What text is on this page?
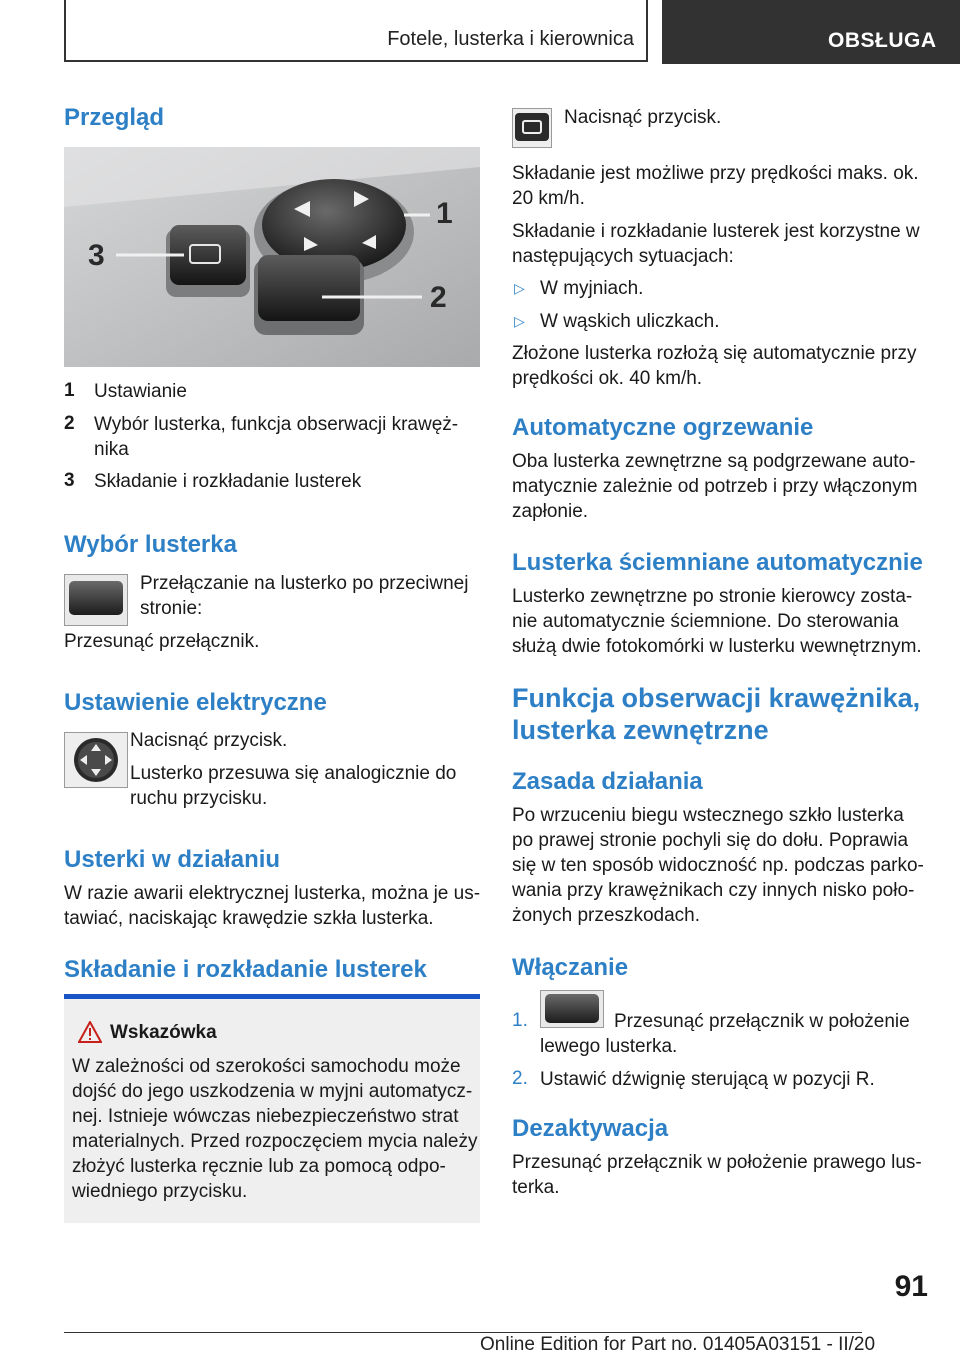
Fotele, lusterka i kierownica	OBSŁUGA
Przegląd
1
2
3
1 Ustawianie

2 Wybór lusterka, funkcja obserwacji krawęż-

nika

3 Składanie i rozkładanie lusterek

Wybór lusterka

Przełączanie na lusterko po przeciwnej

stronie:

Przesunąć przełącznik.

Ustawienie elektryczne

Nacisnąć przycisk.

Lusterko przesuwa się analogicznie do

ruchu przycisku.

Usterki w działaniu

W razie awarii elektrycznej lusterka, można je us-

tawiać, naciskając krawędzie szkła lusterka.

Składanie i rozkładanie lusterek
Wskazówka
W zależności od szerokości samochodu może
dojść do jego uszkodzenia w myjni automatycz-
nej. Istnieje wówczas niebezpieczeństwo strat
materialnych. Przed rozpoczęciem mycia należy
złożyć lusterka ręcznie lub za pomocą odpo-
wiedniego przycisku.

Nacisnąć przycisk.

Składanie jest możliwe przy prędkości maks. ok.

20 km/h.

Składanie i rozkładanie lusterek jest korzystne w

następujących sytuacjach:

▷ W myjniach.

▷ W wąskich uliczkach.

Złożone lusterka rozłożą się automatycznie przy

prędkości ok. 40 km/h.

Automatyczne ogrzewanie

Oba lusterka zewnętrzne są podgrzewane auto-

matycznie zależnie od potrzeb i przy włączonym

zapłonie.

Lusterka ściemniane automatycznie

Lusterko zewnętrzne po stronie kierowcy zosta-

nie automatycznie ściemnione. Do sterowania

służą dwie fotokomórki w lusterku wewnętrznym.

Funkcja obserwacji krawężnika,
lusterka zewnętrzne
Zasada działania

Po wrzuceniu biegu wstecznego szkło lusterka

po prawej stronie pochyli się do dołu. Poprawia

się w ten sposób widoczność np. podczas parko-

wania przy krawężnikach czy innych nisko poło-

żonych przeszkodach.

Włączanie
1.	Przesunąć przełącznik w położenie

lewego lusterka.

2. Ustawić dźwignię sterującą w pozycji R.

Dezaktywacja

Przesunąć przełącznik w położenie prawego lus-

terka.

91
Online Edition for Part no. 01405A03151 - II/20
